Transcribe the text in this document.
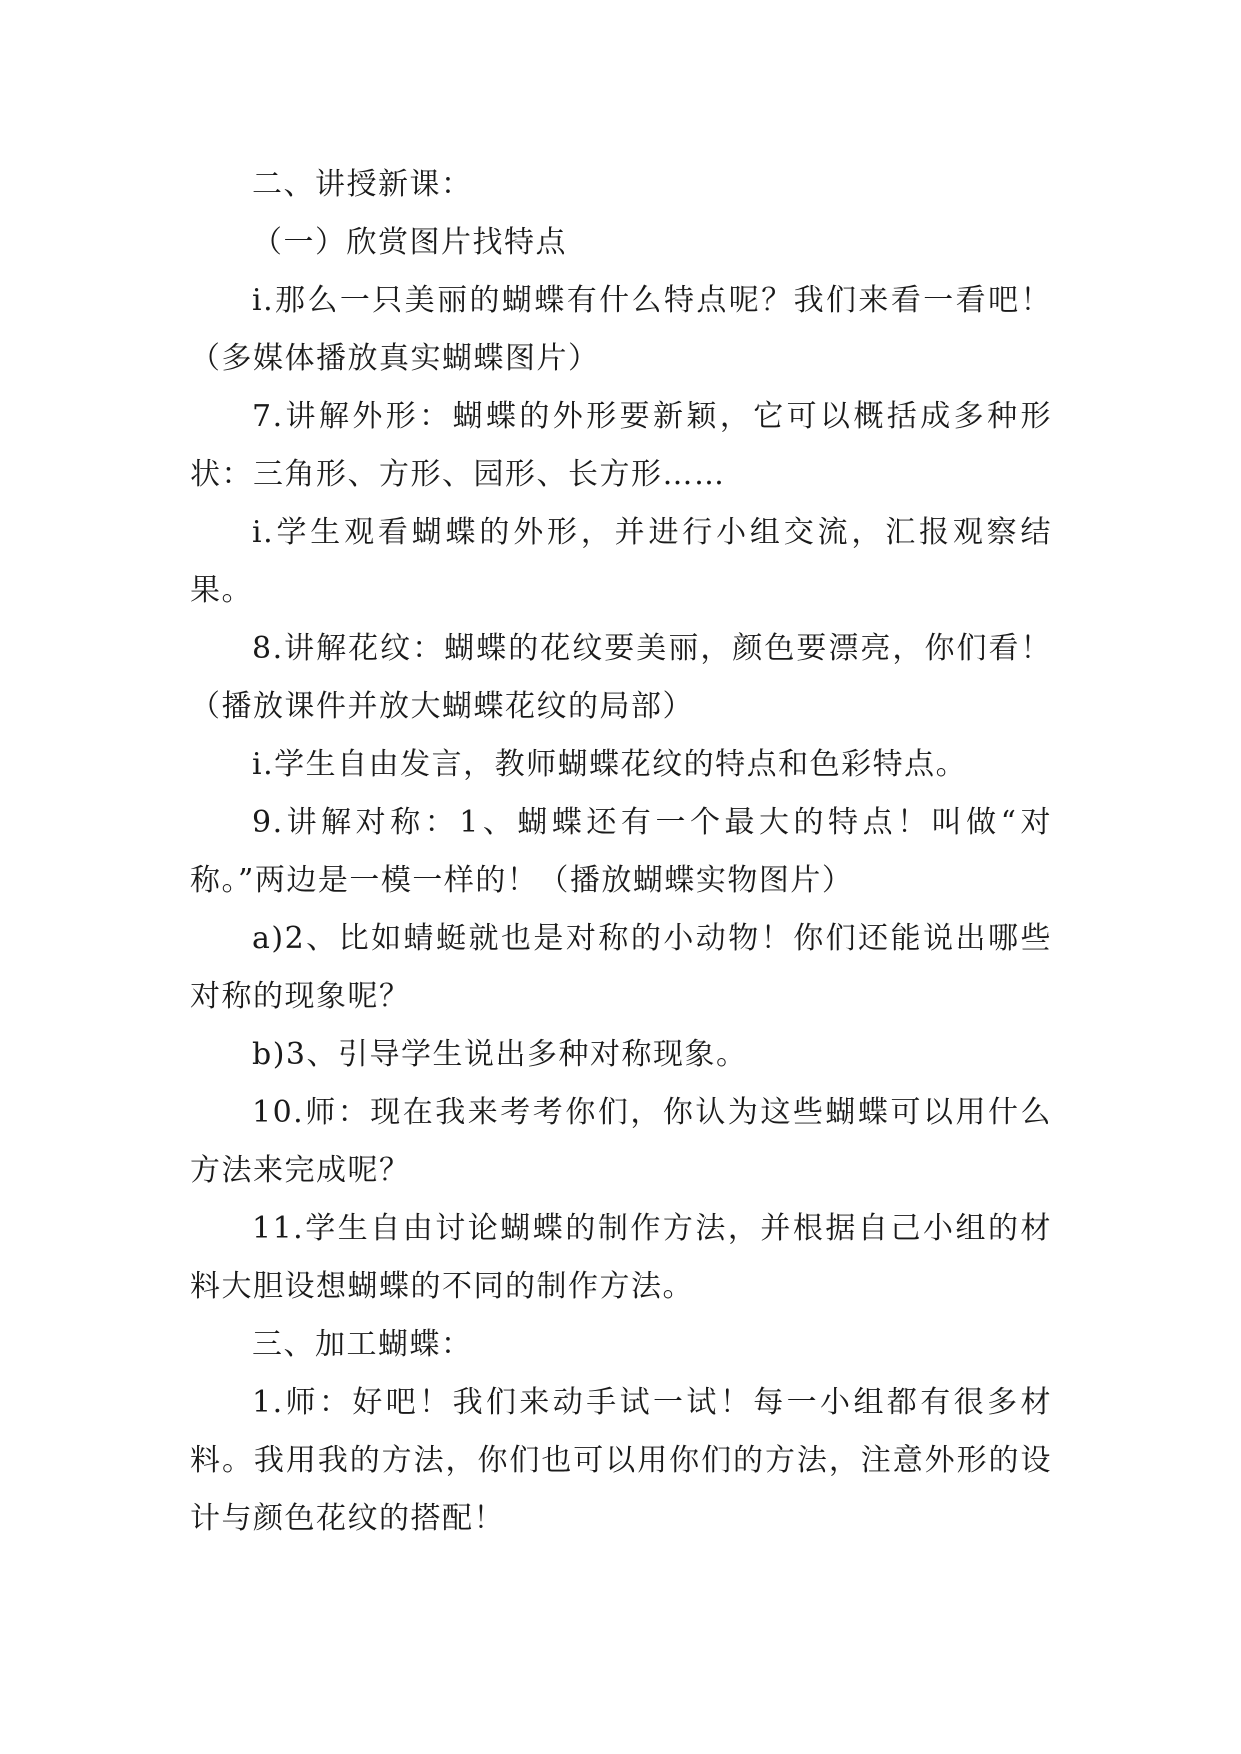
二、讲授新课：

（一）欣赏图片找特点

i.那么一只美丽的蝴蝶有什么特点呢？我们来看一看吧！（多媒体播放真实蝴蝶图片）

7.讲解外形：蝴蝶的外形要新颖，它可以概括成多种形状：三角形、方形、园形、长方形……

i.学生观看蝴蝶的外形，并进行小组交流，汇报观察结果。

8.讲解花纹：蝴蝶的花纹要美丽，颜色要漂亮，你们看！（播放课件并放大蝴蝶花纹的局部）

i.学生自由发言，教师蝴蝶花纹的特点和色彩特点。

9.讲解对称：1、蝴蝶还有一个最大的特点！叫做“对称。”两边是一模一样的！（播放蝴蝶实物图片）

a)2、比如蜻蜓就也是对称的小动物！你们还能说出哪些对称的现象呢？

b)3、引导学生说出多种对称现象。

10.师：现在我来考考你们，你认为这些蝴蝶可以用什么方法来完成呢？

11.学生自由讨论蝴蝶的制作方法，并根据自己小组的材料大胆设想蝴蝶的不同的制作方法。

三、加工蝴蝶：

1.师：好吧！我们来动手试一试！每一小组都有很多材料。我用我的方法，你们也可以用你们的方法，注意外形的设计与颜色花纹的搭配！
